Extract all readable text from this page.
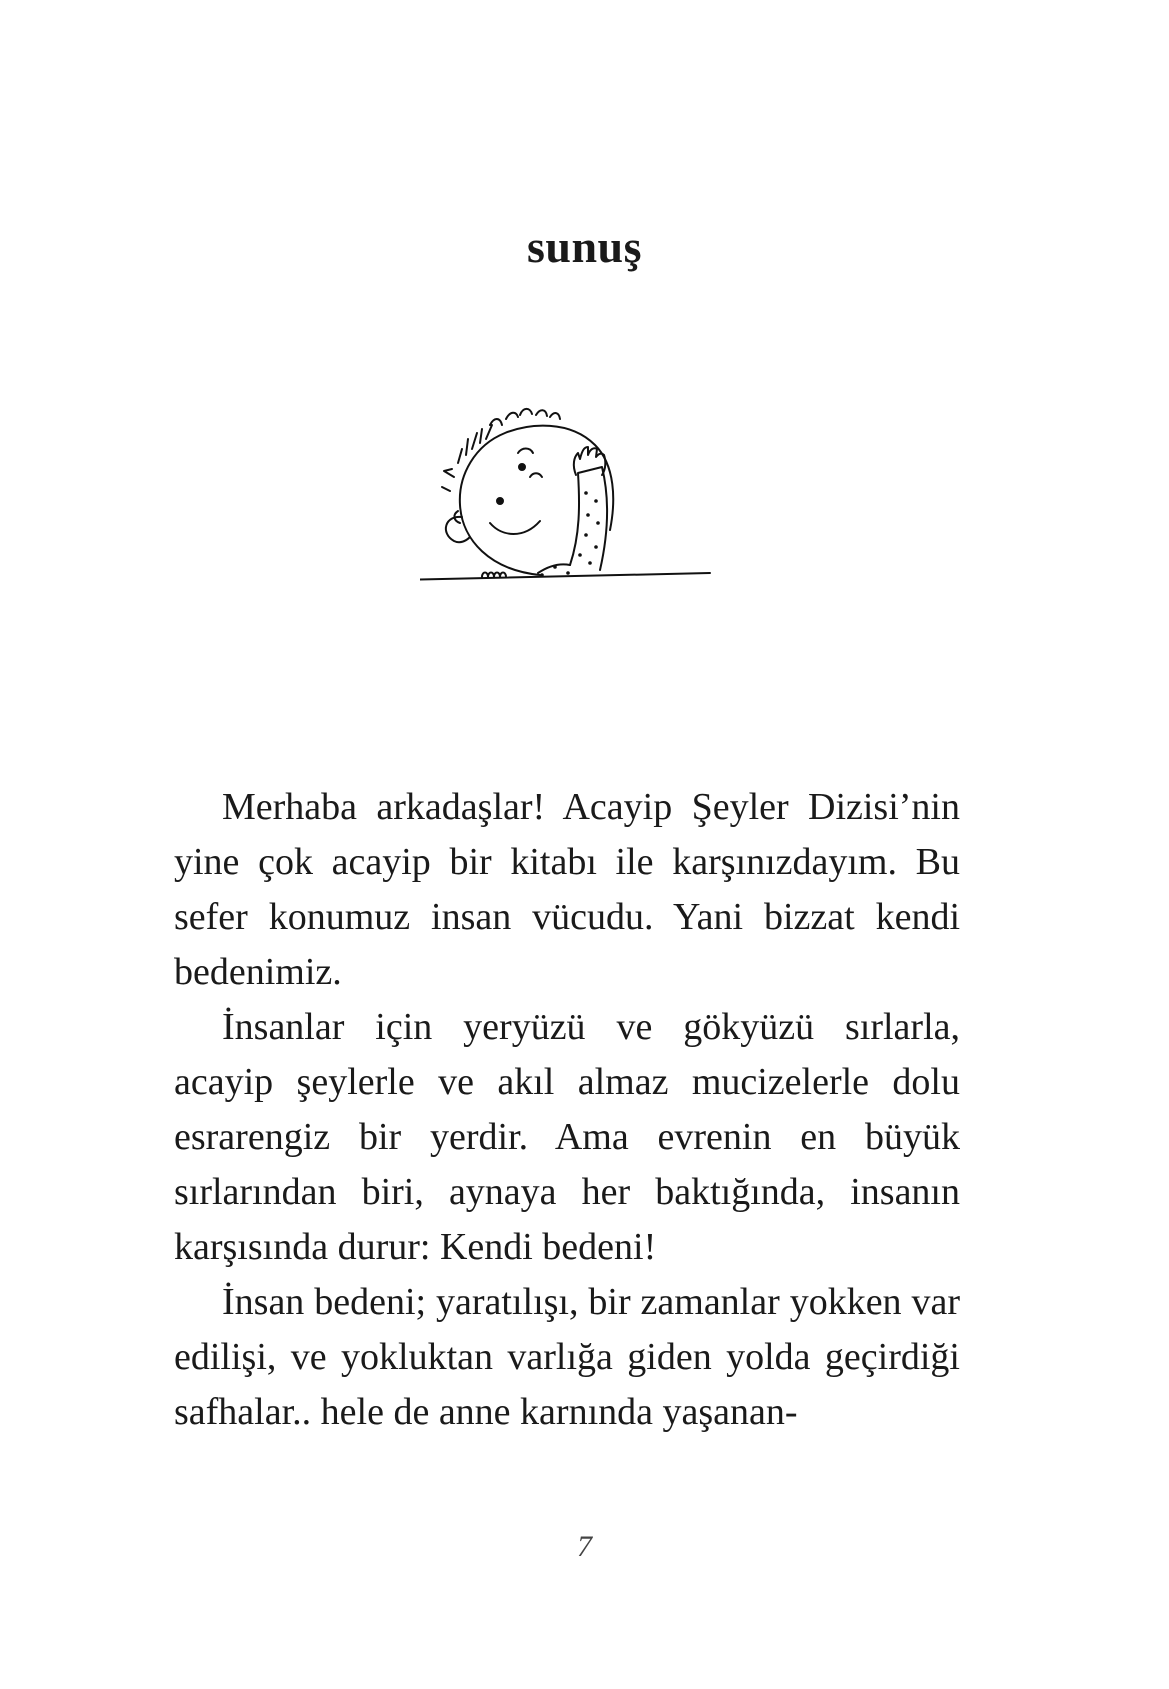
sunuş

Merhaba arkadaşlar! Acayip Şeyler Dizisi’nin yine çok acayip bir kitabı ile karşınızdayım. Bu sefer konumuz insan vücudu. Yani bizzat kendi bedenimiz.

İnsanlar için yeryüzü ve gökyüzü sırlarla, acayip şeylerle ve akıl almaz mucizelerle dolu esrarengiz bir yerdir. Ama evrenin en büyük sırlarından biri, aynaya her baktığında, insanın karşısında durur: Kendi bedeni!

İnsan bedeni; yaratılışı, bir zamanlar yokken var edilişi, ve yokluktan varlığa giden yolda geçirdiği safhalar.. hele de anne karnında yaşanan-

7
